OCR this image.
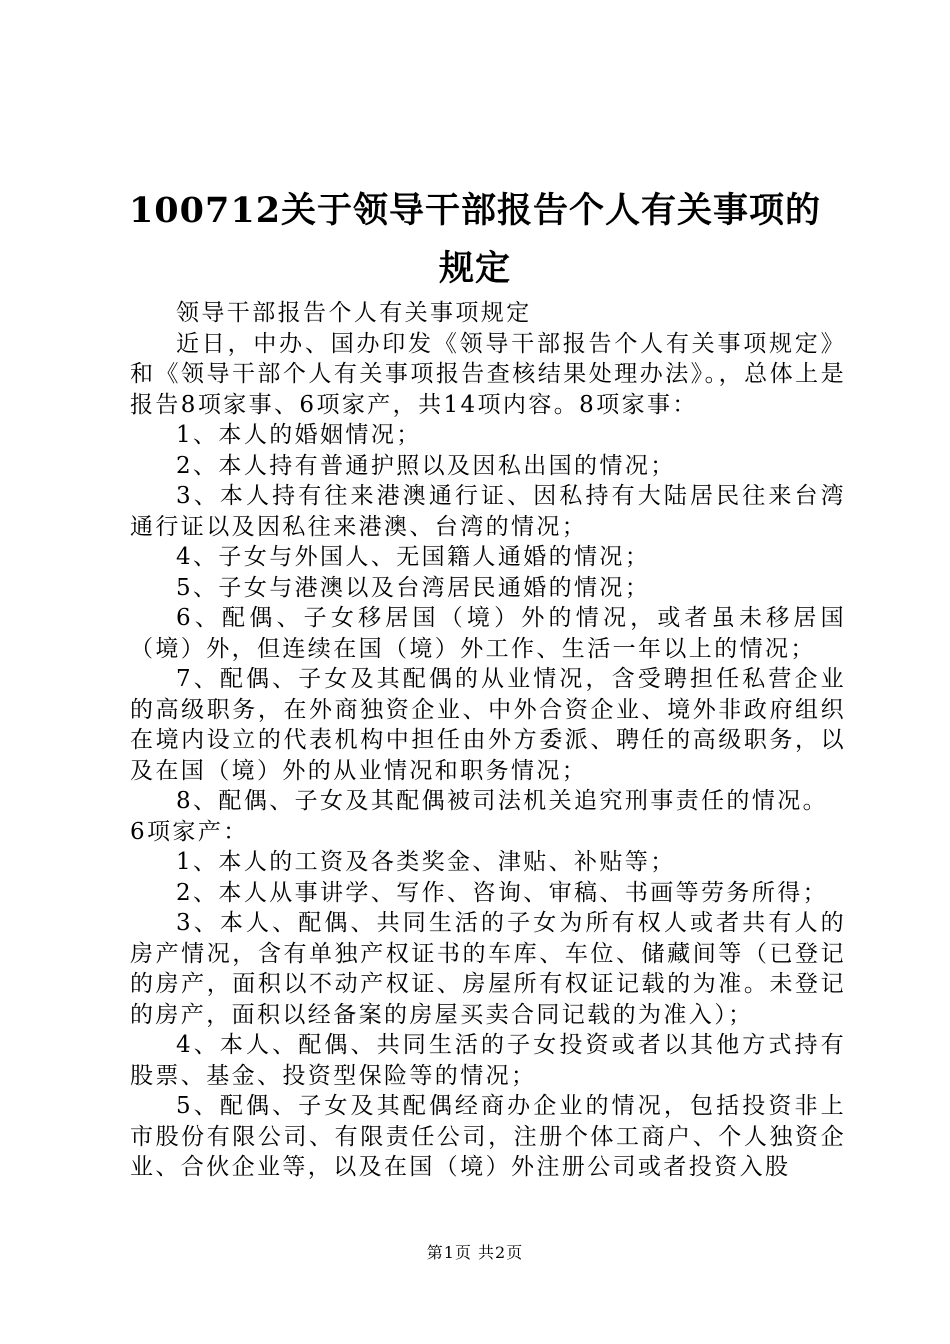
100712关于领导干部报告个人有关事项的规定

领导干部报告个人有关事项规定

近日，中办、国办印发《领导干部报告个人有关事项规定》和《领导干部个人有关事项报告查核结果处理办法》。，总体上是报告8项家事、6项家产，共14项内容。8项家事：

1、本人的婚姻情况；

2、本人持有普通护照以及因私出国的情况；

3、本人持有往来港澳通行证、因私持有大陆居民往来台湾通行证以及因私往来港澳、台湾的情况；

4、子女与外国人、无国籍人通婚的情况；

5、子女与港澳以及台湾居民通婚的情况；

6、配偶、子女移居国（境）外的情况，或者虽未移居国（境）外，但连续在国（境）外工作、生活一年以上的情况；

7、配偶、子女及其配偶的从业情况，含受聘担任私营企业的高级职务，在外商独资企业、中外合资企业、境外非政府组织在境内设立的代表机构中担任由外方委派、聘任的高级职务，以及在国（境）外的从业情况和职务情况；

8、配偶、子女及其配偶被司法机关追究刑事责任的情况。

6项家产：

1、本人的工资及各类奖金、津贴、补贴等；

2、本人从事讲学、写作、咨询、审稿、书画等劳务所得；

3、本人、配偶、共同生活的子女为所有权人或者共有人的房产情况，含有单独产权证书的车库、车位、储藏间等（已登记的房产，面积以不动产权证、房屋所有权证记载的为准。未登记的房产，面积以经备案的房屋买卖合同记载的为准入）；

4、本人、配偶、共同生活的子女投资或者以其他方式持有股票、基金、投资型保险等的情况；

5、配偶、子女及其配偶经商办企业的情况，包括投资非上市股份有限公司、有限责任公司，注册个体工商户、个人独资企业、合伙企业等，以及在国（境）外注册公司或者投资入股

第1页 共2页
